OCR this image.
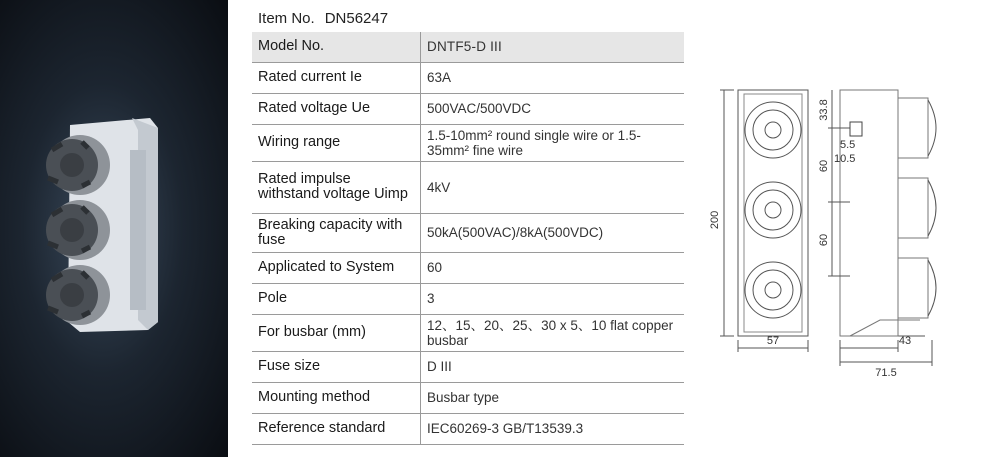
Item No. DN56247
Model No.	DNTF5-D III
Rated current Ie	63A
Rated voltage Ue	500VAC/500VDC
Wiring range	1.5-10mm² round single wire or 1.5-35mm² fine wire
Rated impulse withstand voltage Uimp	4kV
Breaking capacity with fuse	50kA(500VAC)/8kA(500VDC)
Applicated to System	60
Pole	3
For busbar (mm)	12、15、20、25、30 x 5、10 flat copper busbar
Fuse size	D III
Mounting method	Busbar type
Reference standard	IEC60269-3 GB/T13539.3
200
33.8
5.5
10.5
60
60
57	43
71.5
